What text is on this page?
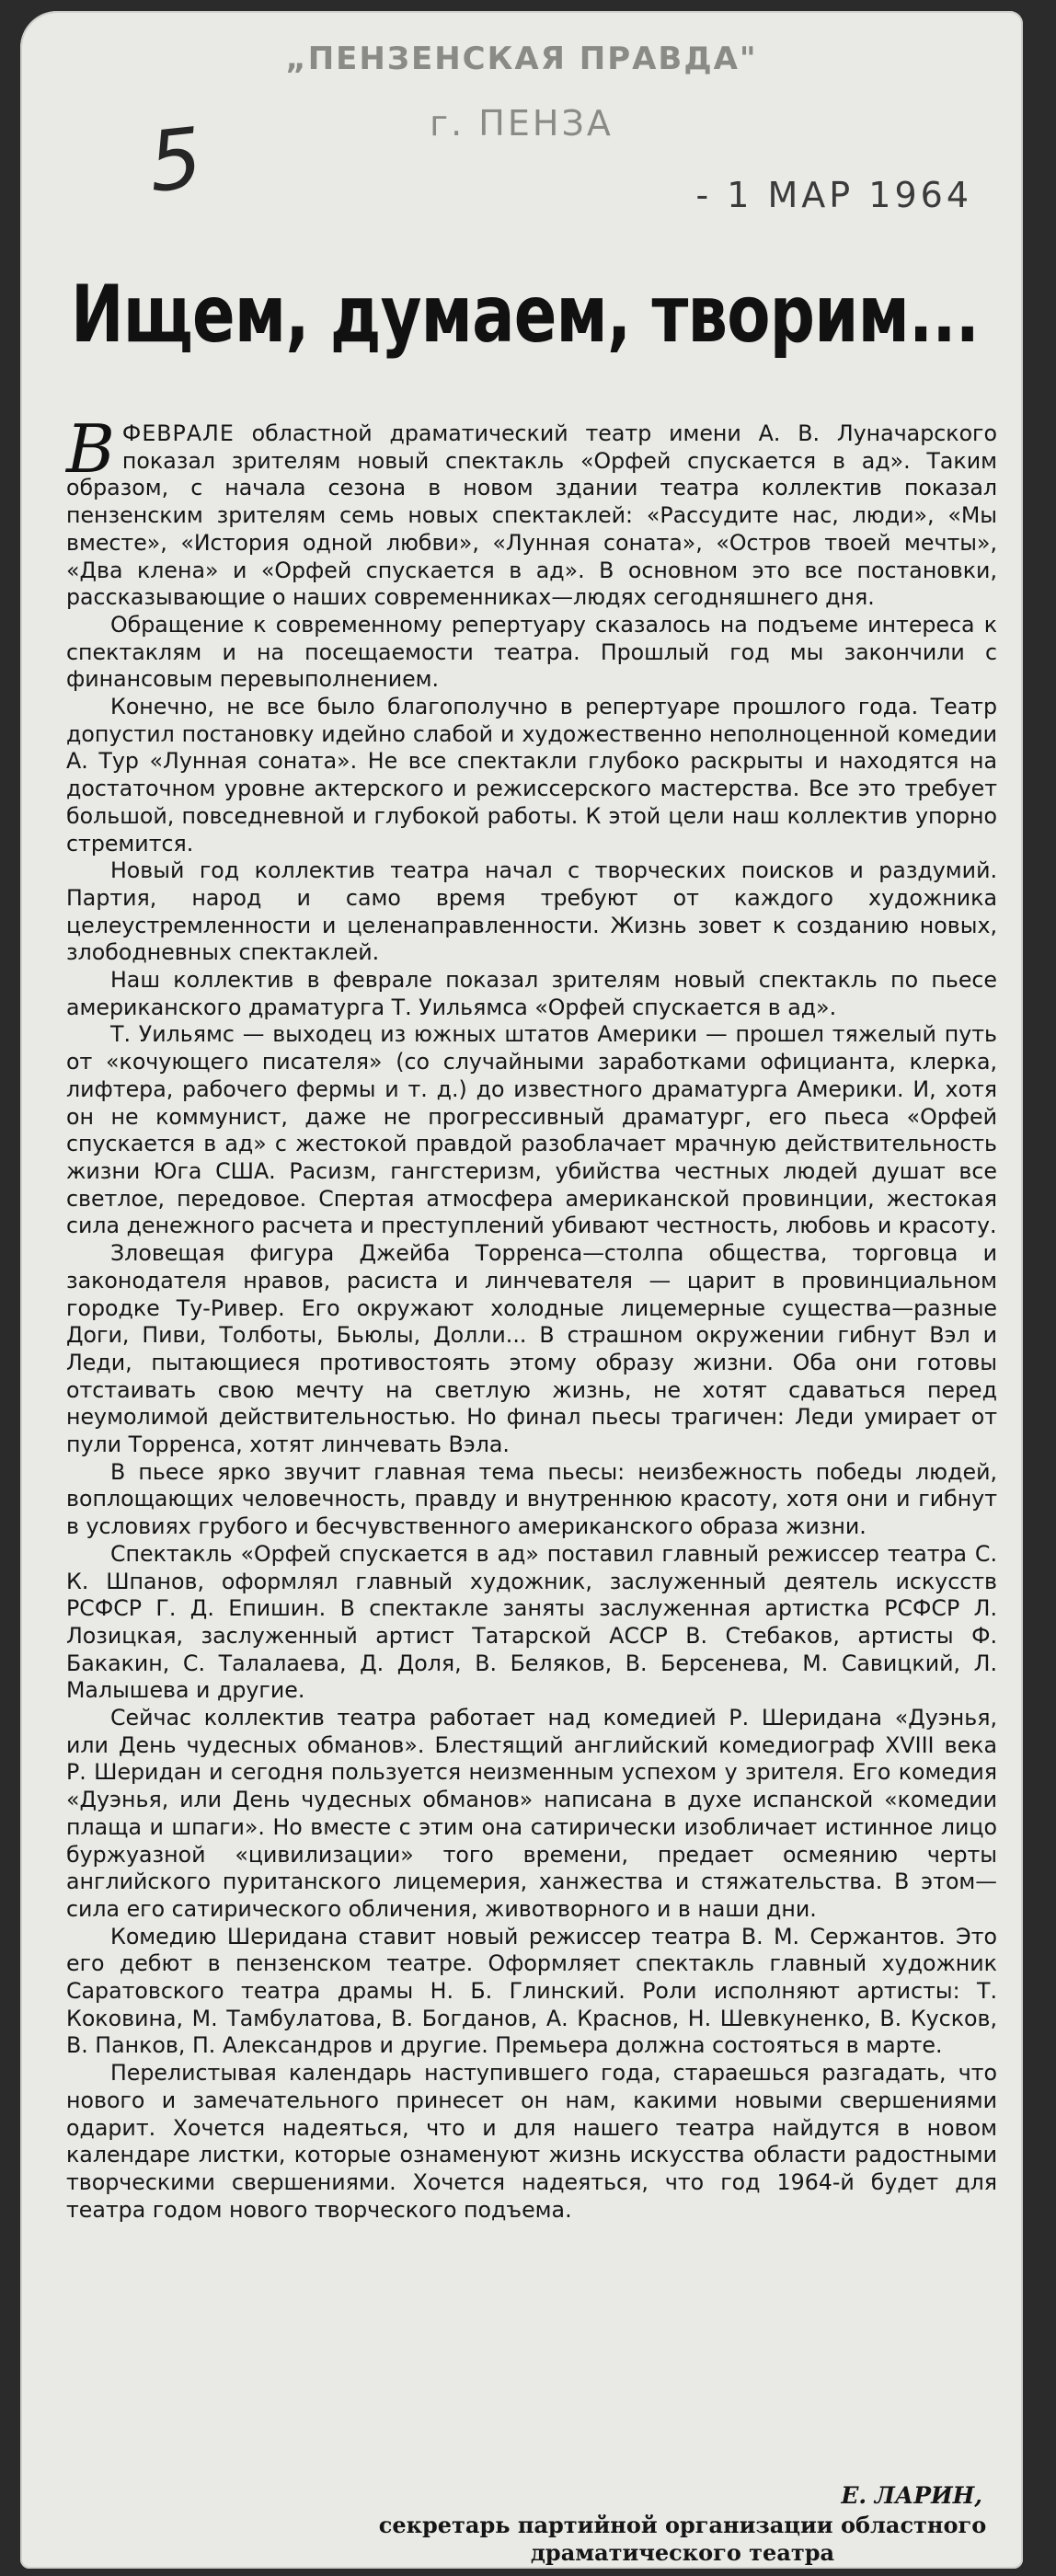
„ПЕНЗЕНСКАЯ ПРАВДА"
г. ПЕНЗА
5	- 1 МАР 1964
Ищем, думаем, творим...

ВФЕВРАЛЕ областной драматический театр имени А. В. Луначарского показал зрителям новый спектакль «Орфей спускается в ад». Таким образом, с начала сезона в новом здании театра коллектив показал пензенским зрителям семь новых спектаклей: «Рассудите нас, люди», «Мы вместе», «История одной любви», «Лунная соната», «Остров твоей мечты», «Два клена» и «Орфей спускается в ад». В основном это все постановки, рассказывающие о наших современниках—людях сегодняшнего дня.

Обращение к современному репертуару сказалось на подъеме интереса к спектаклям и на посещаемости театра. Прошлый год мы закончили с финансовым перевыполнением.

Конечно, не все было благополучно в репертуаре прошлого года. Театр допустил постановку идейно слабой и художественно неполноценной комедии А. Тур «Лунная соната». Не все спектакли глубоко раскрыты и находятся на достаточном уровне актерского и режиссерского мастерства. Все это требует большой, повседневной и глубокой работы. К этой цели наш коллектив упорно стремится.

Новый год коллектив театра начал с творческих поисков и раздумий. Партия, народ и само время требуют от каждого художника целеустремленности и целенаправленности. Жизнь зовет к созданию новых, злободневных спектаклей.

Наш коллектив в феврале показал зрителям новый спектакль по пьесе американского драматурга Т. Уильямса «Орфей спускается в ад».

Т. Уильямс — выходец из южных штатов Америки — прошел тяжелый путь от «кочующего писателя» (со случайными заработками официанта, клерка, лифтера, рабочего фермы и т. д.) до известного драматурга Америки. И, хотя он не коммунист, даже не прогрессивный драматург, его пьеса «Орфей спускается в ад» с жестокой правдой разоблачает мрачную действительность жизни Юга США. Расизм, гангстеризм, убийства честных людей душат все светлое, передовое. Спертая атмосфера американской провинции, жестокая сила денежного расчета и преступлений убивают честность, любовь и красоту.

Зловещая фигура Джейба Торренса—столпа общества, торговца и законодателя нравов, расиста и линчевателя — царит в провинциальном городке Ту-Ривер. Его окружают холодные лицемерные существа—разные Доги, Пиви, Толботы, Бьюлы, Долли... В страшном окружении гибнут Вэл и Леди, пытающиеся противостоять этому образу жизни. Оба они готовы отстаивать свою мечту на светлую жизнь, не хотят сдаваться перед неумолимой действительностью. Но финал пьесы трагичен: Леди умирает от пули Торренса, хотят линчевать Вэла.

В пьесе ярко звучит главная тема пьесы: неизбежность победы людей, воплощающих человечность, правду и внутреннюю красоту, хотя они и гибнут в условиях грубого и бесчувственного американского образа жизни.

Спектакль «Орфей спускается в ад» поставил главный режиссер театра С. К. Шпанов, оформлял главный художник, заслуженный деятель искусств РСФСР Г. Д. Епишин. В спектакле заняты заслуженная артистка РСФСР Л. Лозицкая, заслуженный артист Татарской АССР В. Стебаков, артисты Ф. Бакакин, С. Талалаева, Д. Доля, В. Беляков, В. Берсенева, М. Савицкий, Л. Малышева и другие.

Сейчас коллектив театра работает над комедией Р. Шеридана «Дуэнья, или День чудесных обманов». Блестящий английский комедиограф XVIII века Р. Шеридан и сегодня пользуется неизменным успехом у зрителя. Его комедия «Дуэнья, или День чудесных обманов» написана в духе испанской «комедии плаща и шпаги». Но вместе с этим она сатирически изобличает истинное лицо буржуазной «цивилизации» того времени, предает осмеянию черты английского пуританского лицемерия, ханжества и стяжательства. В этом—сила его сатирического обличения, животворного и в наши дни.

Комедию Шеридана ставит новый режиссер театра В. М. Сержантов. Это его дебют в пензенском театре. Оформляет спектакль главный художник Саратовского театра драмы Н. Б. Глинский. Роли исполняют артисты: Т. Коковина, М. Тамбулатова, В. Богданов, А. Краснов, Н. Шевкуненко, В. Кусков, В. Панков, П. Александров и другие. Премьера должна состояться в марте.

Перелистывая календарь наступившего года, стараешься разгадать, что нового и замечательного принесет он нам, какими новыми свершениями одарит. Хочется надеяться, что и для нашего театра найдутся в новом календаре листки, которые ознаменуют жизнь искусства области радостными творческими свершениями. Хочется надеяться, что год 1964-й будет для театра годом нового творческого подъема.

Е. ЛАРИН,
секретарь партийной организации областного
драматического театра
